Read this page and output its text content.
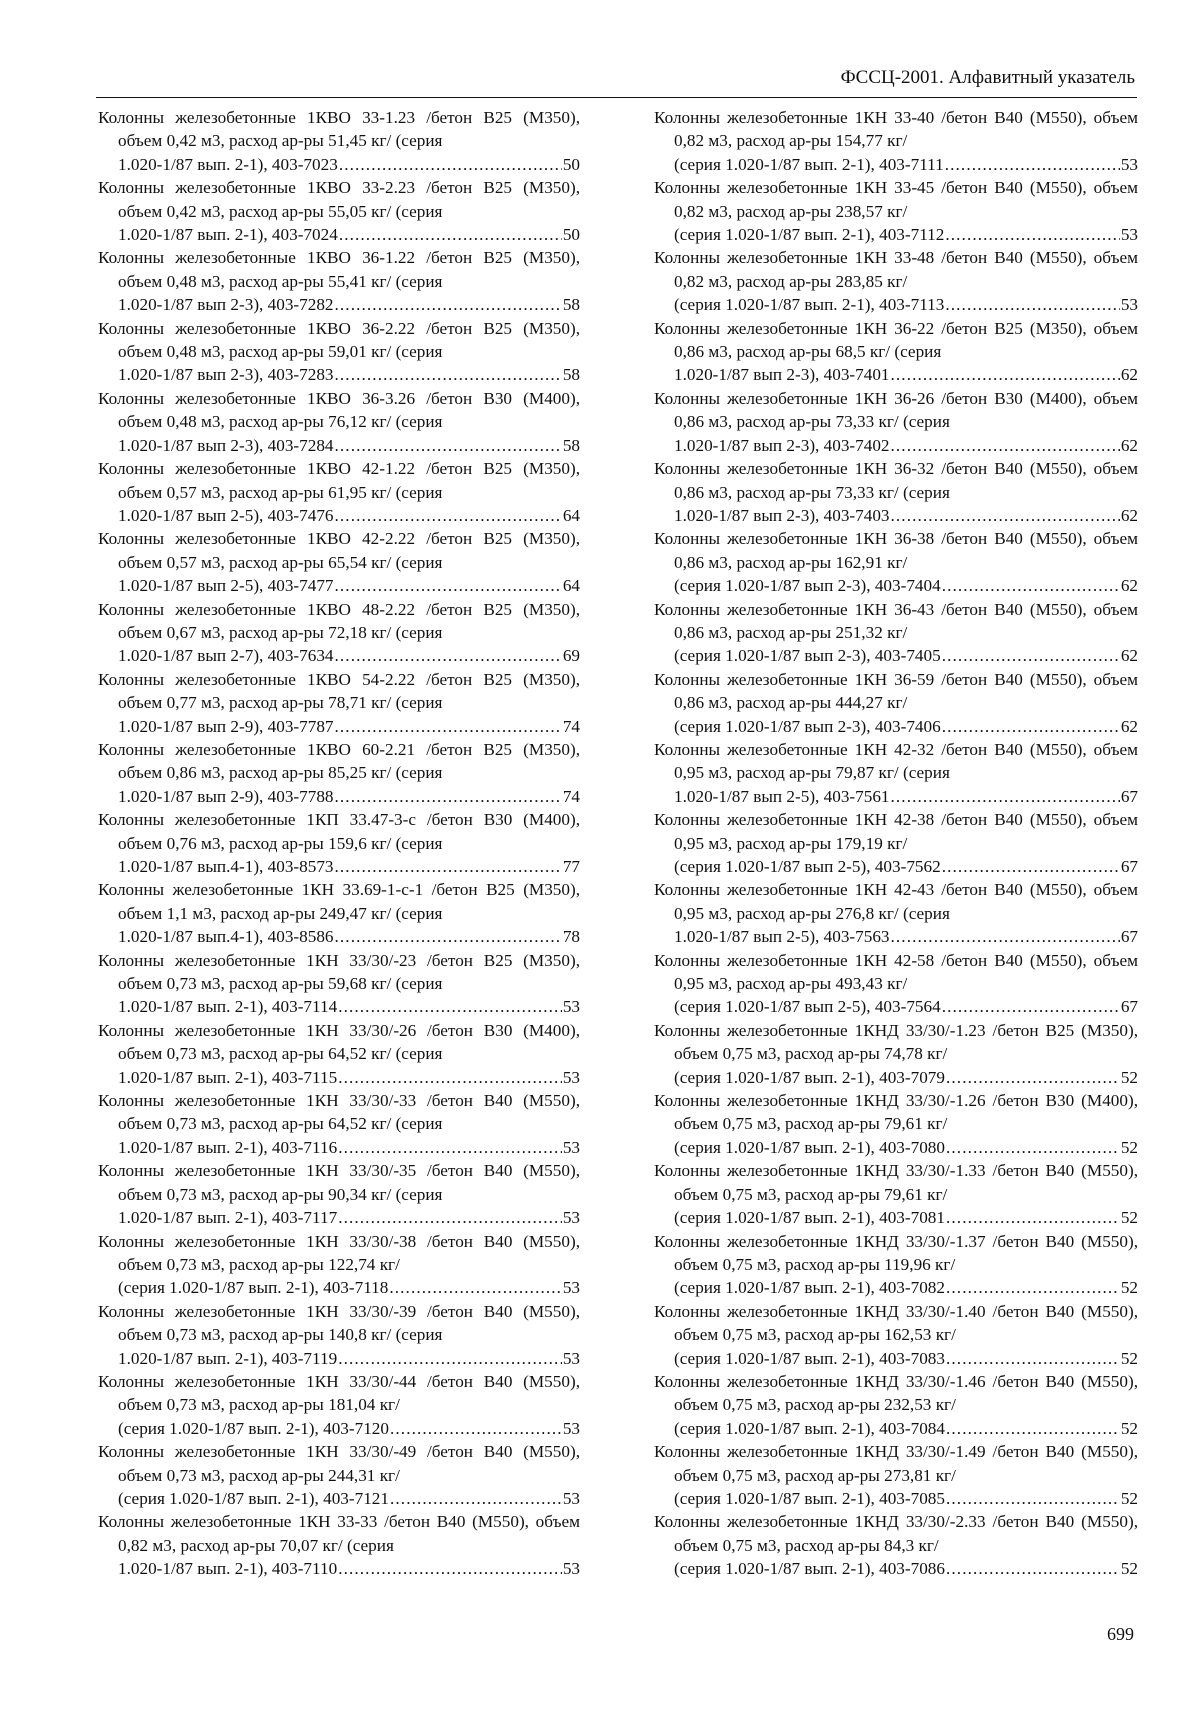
ФССЦ-2001. Алфавитный указатель
Колонны железобетонные 1КВО 33-1.23 /бетон В25 (М350), объем 0,42 м3, расход ар-ры 51,45 кг/ (серия
1.020-1/87 вып. 2-1), 403-7023 .....	50
Колонны железобетонные 1КВО 33-2.23 /бетон В25 (М350), объем 0,42 м3, расход ар-ры 55,05 кг/ (серия
1.020-1/87 вып. 2-1), 403-7024 .....	50
Колонны железобетонные 1КВО 36-1.22 /бетон В25 (М350), объем 0,48 м3, расход ар-ры 55,41 кг/ (серия
1.020-1/87 вып 2-3), 403-7282 .....	58
Колонны железобетонные 1КВО 36-2.22 /бетон В25 (М350), объем 0,48 м3, расход ар-ры 59,01 кг/ (серия
1.020-1/87 вып 2-3), 403-7283 .....	58
Колонны железобетонные 1КВО 36-3.26 /бетон В30 (М400), объем 0,48 м3, расход ар-ры 76,12 кг/ (серия
1.020-1/87 вып 2-3), 403-7284 .....	58
Колонны железобетонные 1КВО 42-1.22 /бетон В25 (М350), объем 0,57 м3, расход ар-ры 61,95 кг/ (серия
1.020-1/87 вып 2-5), 403-7476 .....	64
Колонны железобетонные 1КВО 42-2.22 /бетон В25 (М350), объем 0,57 м3, расход ар-ры 65,54 кг/ (серия
1.020-1/87 вып 2-5), 403-7477 .....	64
Колонны железобетонные 1КВО 48-2.22 /бетон В25 (М350), объем 0,67 м3, расход ар-ры 72,18 кг/ (серия
1.020-1/87 вып 2-7), 403-7634 .....	69
Колонны железобетонные 1КВО 54-2.22 /бетон В25 (М350), объем 0,77 м3, расход ар-ры 78,71 кг/ (серия
1.020-1/87 вып 2-9), 403-7787 .....	74
Колонны железобетонные 1КВО 60-2.21 /бетон В25 (М350), объем 0,86 м3, расход ар-ры 85,25 кг/ (серия
1.020-1/87 вып 2-9), 403-7788 .....	74
Колонны железобетонные 1КП 33.47-3-с /бетон В30 (М400), объем 0,76 м3, расход ар-ры 159,6 кг/ (серия
1.020-1/87 вып.4-1), 403-8573 .....	77
Колонны железобетонные 1КН 33.69-1-с-1 /бетон В25 (М350), объем 1,1 м3, расход ар-ры 249,47 кг/ (серия
1.020-1/87 вып.4-1), 403-8586 .....	78
Колонны железобетонные 1КН 33/30/-23 /бетон В25 (М350), объем 0,73 м3, расход ар-ры 59,68 кг/ (серия
1.020-1/87 вып. 2-1), 403-7114 .....	53
Колонны железобетонные 1КН 33/30/-26 /бетон В30 (М400), объем 0,73 м3, расход ар-ры 64,52 кг/ (серия
1.020-1/87 вып. 2-1), 403-7115 .....	53
Колонны железобетонные 1КН 33/30/-33 /бетон В40 (М550), объем 0,73 м3, расход ар-ры 64,52 кг/ (серия
1.020-1/87 вып. 2-1), 403-7116 .....	53
Колонны железобетонные 1КН 33/30/-35 /бетон В40 (М550), объем 0,73 м3, расход ар-ры 90,34 кг/ (серия
1.020-1/87 вып. 2-1), 403-7117 .....	53
Колонны железобетонные 1КН 33/30/-38 /бетон В40 (М550), объем 0,73 м3, расход ар-ры 122,74 кг/
(серия 1.020-1/87 вып. 2-1), 403-7118 .....	53
Колонны железобетонные 1КН 33/30/-39 /бетон В40 (М550), объем 0,73 м3, расход ар-ры 140,8 кг/ (серия
1.020-1/87 вып. 2-1), 403-7119 .....	53
Колонны железобетонные 1КН 33/30/-44 /бетон В40 (М550), объем 0,73 м3, расход ар-ры 181,04 кг/
(серия 1.020-1/87 вып. 2-1), 403-7120 .....	53
Колонны железобетонные 1КН 33/30/-49 /бетон В40 (М550), объем 0,73 м3, расход ар-ры 244,31 кг/
(серия 1.020-1/87 вып. 2-1), 403-7121 .....	53
Колонны железобетонные 1КН 33-33 /бетон В40 (М550), объем 0,82 м3, расход ар-ры 70,07 кг/ (серия
1.020-1/87 вып. 2-1), 403-7110 .....	53
Колонны железобетонные 1КН 33-40 /бетон В40 (М550), объем 0,82 м3, расход ар-ры 154,77 кг/
(серия 1.020-1/87 вып. 2-1), 403-7111 .....	53
Колонны железобетонные 1КН 33-45 /бетон В40 (М550), объем 0,82 м3, расход ар-ры 238,57 кг/
(серия 1.020-1/87 вып. 2-1), 403-7112 .....	53
Колонны железобетонные 1КН 33-48 /бетон В40 (М550), объем 0,82 м3, расход ар-ры 283,85 кг/
(серия 1.020-1/87 вып. 2-1), 403-7113 .....	53
Колонны железобетонные 1КН 36-22 /бетон В25 (М350), объем 0,86 м3, расход ар-ры 68,5 кг/ (серия
1.020-1/87 вып 2-3), 403-7401 .....	62
Колонны железобетонные 1КН 36-26 /бетон В30 (М400), объем 0,86 м3, расход ар-ры 73,33 кг/ (серия
1.020-1/87 вып 2-3), 403-7402 .....	62
Колонны железобетонные 1КН 36-32 /бетон В40 (М550), объем 0,86 м3, расход ар-ры 73,33 кг/ (серия
1.020-1/87 вып 2-3), 403-7403 .....	62
Колонны железобетонные 1КН 36-38 /бетон В40 (М550), объем 0,86 м3, расход ар-ры 162,91 кг/
(серия 1.020-1/87 вып 2-3), 403-7404 .....	62
Колонны железобетонные 1КН 36-43 /бетон В40 (М550), объем 0,86 м3, расход ар-ры 251,32 кг/
(серия 1.020-1/87 вып 2-3), 403-7405 .....	62
Колонны железобетонные 1КН 36-59 /бетон В40 (М550), объем 0,86 м3, расход ар-ры 444,27 кг/
(серия 1.020-1/87 вып 2-3), 403-7406 .....	62
Колонны железобетонные 1КН 42-32 /бетон В40 (М550), объем 0,95 м3, расход ар-ры 79,87 кг/ (серия
1.020-1/87 вып 2-5), 403-7561 .....	67
Колонны железобетонные 1КН 42-38 /бетон В40 (М550), объем 0,95 м3, расход ар-ры 179,19 кг/
(серия 1.020-1/87 вып 2-5), 403-7562 .....	67
Колонны железобетонные 1КН 42-43 /бетон В40 (М550), объем 0,95 м3, расход ар-ры 276,8 кг/ (серия
1.020-1/87 вып 2-5), 403-7563 .....	67
Колонны железобетонные 1КН 42-58 /бетон В40 (М550), объем 0,95 м3, расход ар-ры 493,43 кг/
(серия 1.020-1/87 вып 2-5), 403-7564 .....	67
Колонны железобетонные 1КНД 33/30/-1.23 /бетон В25 (М350), объем 0,75 м3, расход ар-ры 74,78 кг/
(серия 1.020-1/87 вып. 2-1), 403-7079 .....	52
Колонны железобетонные 1КНД 33/30/-1.26 /бетон В30 (М400), объем 0,75 м3, расход ар-ры 79,61 кг/
(серия 1.020-1/87 вып. 2-1), 403-7080 .....	52
Колонны железобетонные 1КНД 33/30/-1.33 /бетон В40 (М550), объем 0,75 м3, расход ар-ры 79,61 кг/
(серия 1.020-1/87 вып. 2-1), 403-7081 .....	52
Колонны железобетонные 1КНД 33/30/-1.37 /бетон В40 (М550), объем 0,75 м3, расход ар-ры 119,96 кг/
(серия 1.020-1/87 вып. 2-1), 403-7082 .....	52
Колонны железобетонные 1КНД 33/30/-1.40 /бетон В40 (М550), объем 0,75 м3, расход ар-ры 162,53 кг/
(серия 1.020-1/87 вып. 2-1), 403-7083 .....	52
Колонны железобетонные 1КНД 33/30/-1.46 /бетон В40 (М550), объем 0,75 м3, расход ар-ры 232,53 кг/
(серия 1.020-1/87 вып. 2-1), 403-7084 .....	52
Колонны железобетонные 1КНД 33/30/-1.49 /бетон В40 (М550), объем 0,75 м3, расход ар-ры 273,81 кг/
(серия 1.020-1/87 вып. 2-1), 403-7085 .....	52
Колонны железобетонные 1КНД 33/30/-2.33 /бетон В40 (М550), объем 0,75 м3, расход ар-ры 84,3 кг/
(серия 1.020-1/87 вып. 2-1), 403-7086 .....	52
699
